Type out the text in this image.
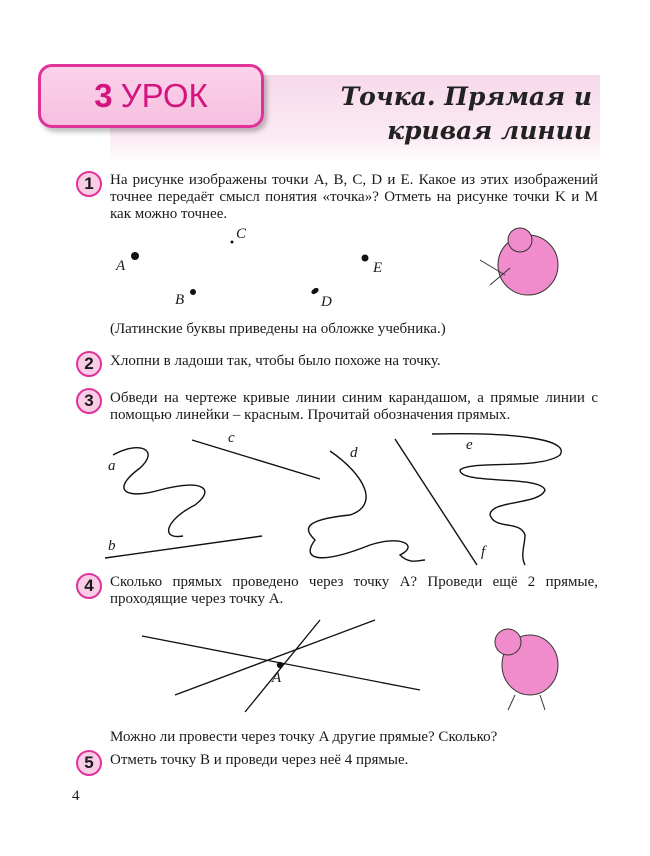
3 УРОК	Точка. Прямая и
кривая линии
1	На рисунке изображены точки A, B, C, D и E. Какое из этих изображений точнее передаёт смысл понятия «точка»? Отметь на рисунке точки K и M как можно точнее.
A
B
C
D
E
(Латинские буквы приведены на обложке учебника.)
2	Хлопни в ладоши так, чтобы было похоже на точку.
3	Обведи на чертеже кривые линии синим карандашом, а прямые линии с помощью линейки – красным. Прочитай обозначения прямых.
a
b
c
d	e
f
4	Сколько прямых проведено через точку A? Проведи ещё 2 прямые, проходящие через точку A.
A
Можно ли провести через точку A другие прямые? Сколько?
5	Отметь точку B и проведи через неё 4 прямые.
4
